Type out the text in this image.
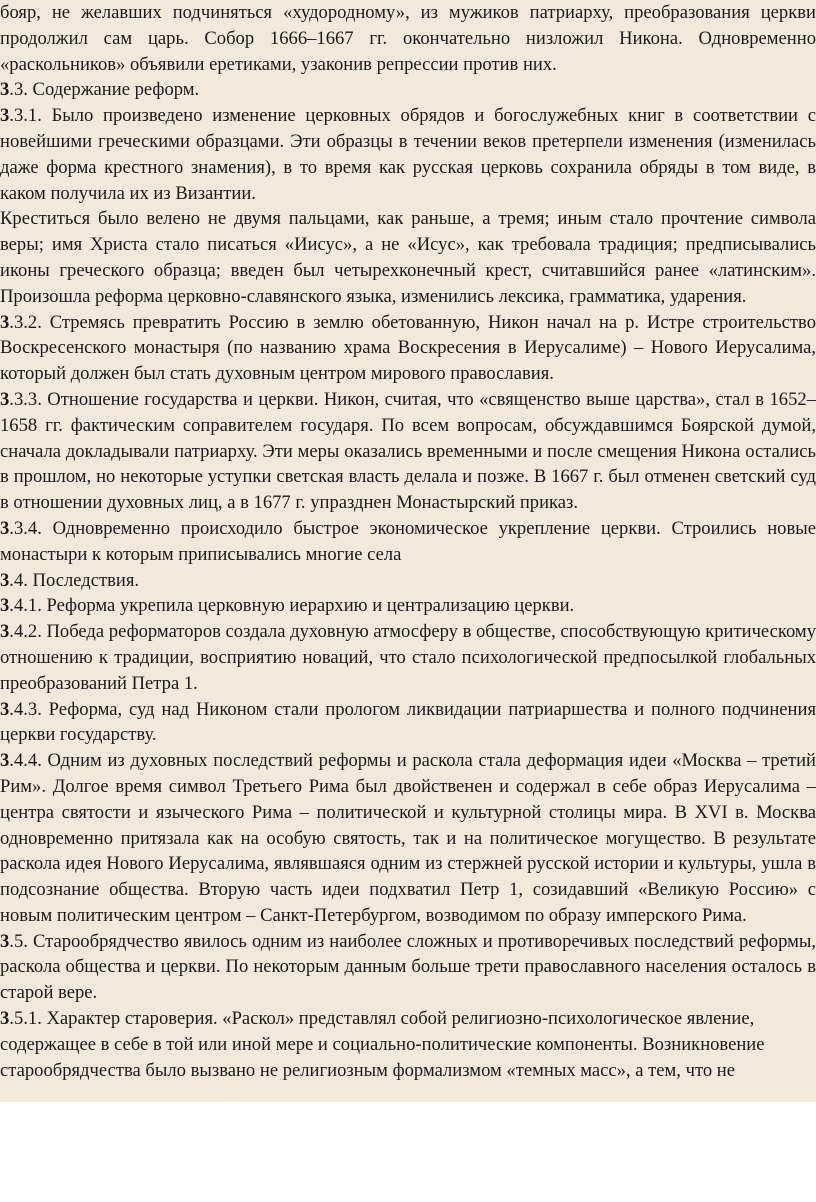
бояр, не желавших подчиняться «худородному», из мужиков патриарху, преобразования церкви продолжил сам царь. Собор 1666–1667 гг. окончательно низложил Никона. Одновременно «раскольников» объявили еретиками, узаконив репрессии против них.

3.3. Содержание реформ.

3.3.1. Было произведено изменение церковных обрядов и богослужебных книг в соответствии с новейшими греческими образцами. Эти образцы в течении веков претерпели изменения (изменилась даже форма крестного знамения), в то время как русская церковь сохранила обряды в том виде, в каком получила их из Византии.

Креститься было велено не двумя пальцами, как раньше, а тремя; иным стало прочтение символа веры; имя Христа стало писаться «Иисус», а не «Исус», как требовала традиция; предписывались иконы греческого образца; введен был четырехконечный крест, считавшийся ранее «латинским». Произошла реформа церковно-славянского языка, изменились лексика, грамматика, ударения.

3.3.2. Стремясь превратить Россию в землю обетованную, Никон начал на р. Истре строительство Воскресенского монастыря (по названию храма Воскресения в Иерусалиме) – Нового Иерусалима, который должен был стать духовным центром мирового православия.

3.3.3. Отношение государства и церкви. Никон, считая, что «священство выше царства», стал в 1652–1658 гг. фактическим соправителем государя. По всем вопросам, обсуждавшимся Боярской думой, сначала докладывали патриарху. Эти меры оказались временными и после смещения Никона остались в прошлом, но некоторые уступки светская власть делала и позже. В 1667 г. был отменен светский суд в отношении духовных лиц, а в 1677 г. упразднен Монастырский приказ.

3.3.4. Одновременно происходило быстрое экономическое укрепление церкви. Строились новые монастыри к которым приписывались многие села

3.4. Последствия.

3.4.1. Реформа укрепила церковную иерархию и централизацию церкви.

3.4.2. Победа реформаторов создала духовную атмосферу в обществе, способствующую критическому отношению к традиции, восприятию новаций, что стало психологической предпосылкой глобальных преобразований Петра 1.

3.4.3. Реформа, суд над Никоном стали прологом ликвидации патриаршества и полного подчинения церкви государству.

3.4.4. Одним из духовных последствий реформы и раскола стала деформация идеи «Москва – третий Рим». Долгое время символ Третьего Рима был двойственен и содержал в себе образ Иерусалима – центра святости и языческого Рима – политической и культурной столицы мира. В XVI в. Москва одновременно притязала как на особую святость, так и на политическое могущество. В результате раскола идея Нового Иерусалима, являвшаяся одним из стержней русской истории и культуры, ушла в подсознание общества. Вторую часть идеи подхватил Петр 1, созидавший «Великую Россию» с новым политическим центром – Санкт-Петербургом, возводимом по образу имперского Рима.

3.5. Старообрядчество явилось одним из наиболее сложных и противоречивых последствий реформы, раскола общества и церкви. По некоторым данным больше трети православного населения осталось в старой вере.

3.5.1. Характер староверия. «Раскол» представлял собой религиозно-психологическое явление, содержащее в себе в той или иной мере и социально-политические компоненты. Возникновение старообрядчества было вызвано не религиозным формализмом «темных масс», а тем, что не
